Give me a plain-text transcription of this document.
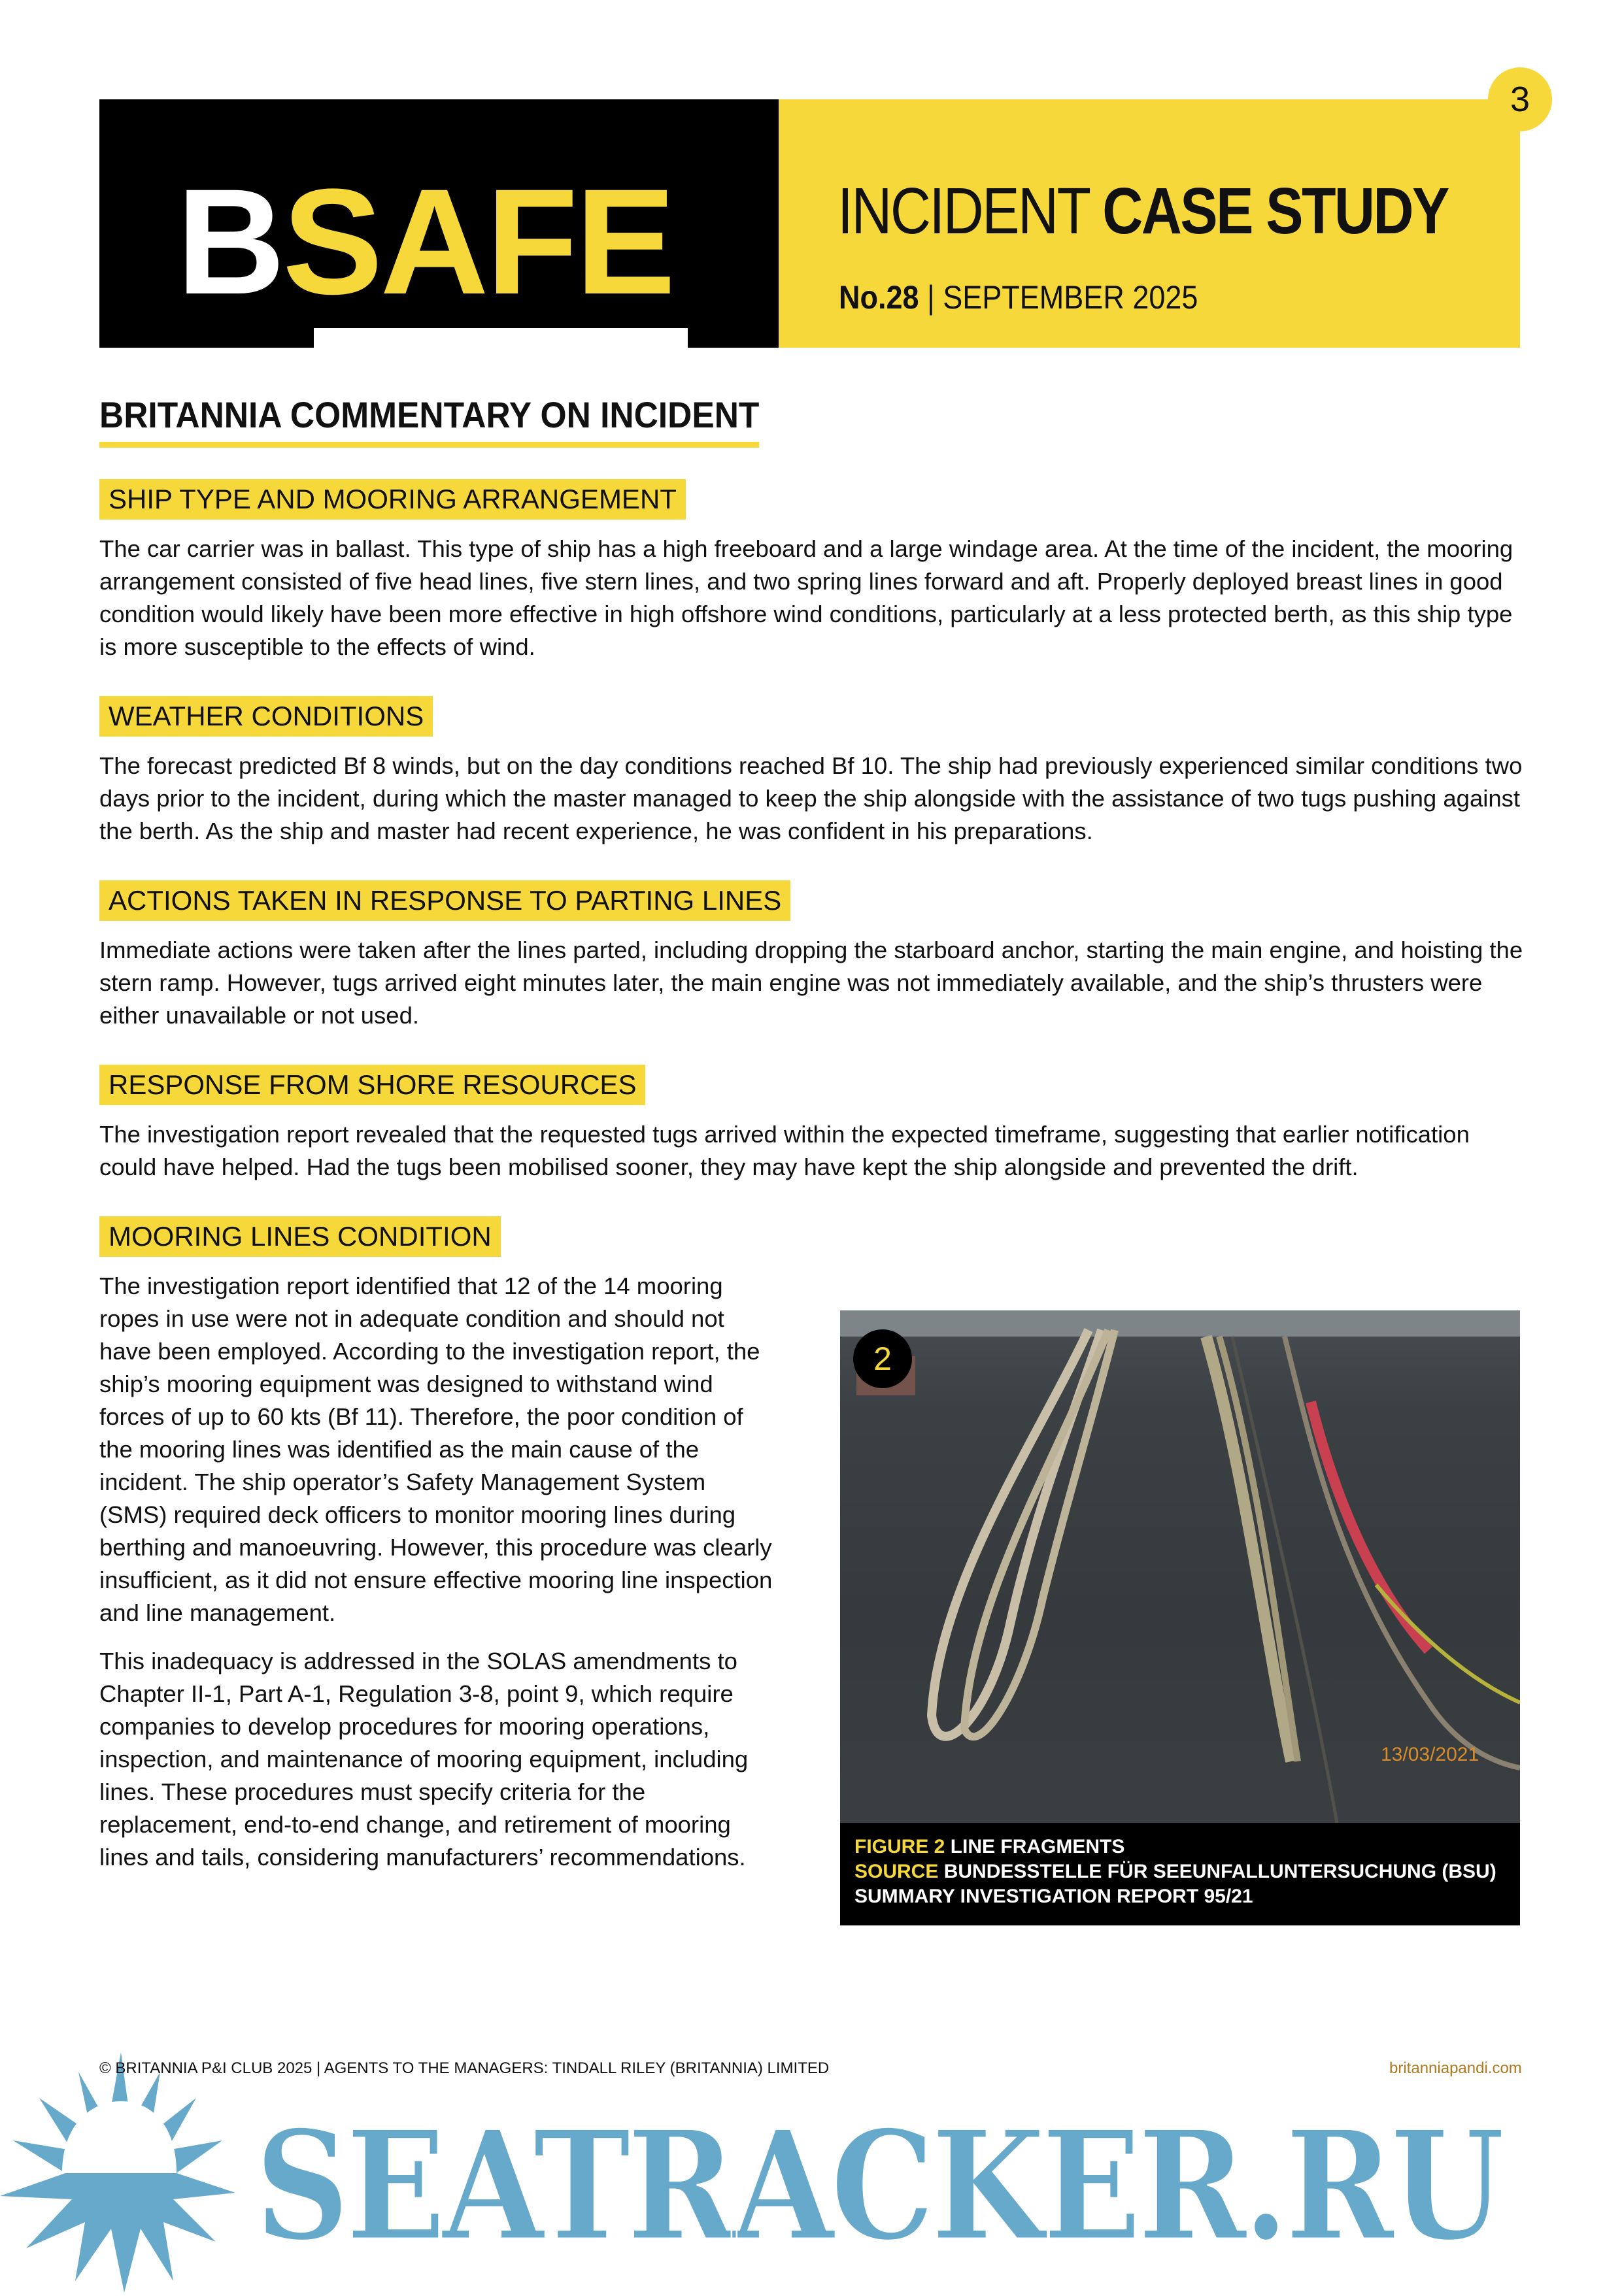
3
BSAFE	INCIDENT CASE STUDY
No.28 | SEPTEMBER 2025
BRITANNIA COMMENTARY ON INCIDENT
SHIP TYPE AND MOORING ARRANGEMENT
The car carrier was in ballast. This type of ship has a high freeboard and a large windage area. At the time of the incident, the mooring arrangement consisted of five head lines, five stern lines, and two spring lines forward and aft. Properly deployed breast lines in good condition would likely have been more effective in high offshore wind conditions, particularly at a less protected berth, as this ship type is more susceptible to the effects of wind.
WEATHER CONDITIONS
The forecast predicted Bf 8 winds, but on the day conditions reached Bf 10. The ship had previously experienced similar conditions two days prior to the incident, during which the master managed to keep the ship alongside with the assistance of two tugs pushing against the berth. As the ship and master had recent experience, he was confident in his preparations.
ACTIONS TAKEN IN RESPONSE TO PARTING LINES
Immediate actions were taken after the lines parted, including dropping the starboard anchor, starting the main engine, and hoisting the stern ramp. However, tugs arrived eight minutes later, the main engine was not immediately available, and the ship’s thrusters were either unavailable or not used.
RESPONSE FROM SHORE RESOURCES
The investigation report revealed that the requested tugs arrived within the expected timeframe, suggesting that earlier notification could have helped. Had the tugs been mobilised sooner, they may have kept the ship alongside and prevented the drift.
MOORING LINES CONDITION
The investigation report identified that 12 of the 14 mooring ropes in use were not in adequate condition and should not have been employed. According to the investigation report, the ship’s mooring equipment was designed to withstand wind forces of up to 60 kts (Bf 11). Therefore, the poor condition of the mooring lines was identified as the main cause of the incident. The ship operator’s Safety Management System (SMS) required deck officers to monitor mooring lines during berthing and manoeuvring. However, this procedure was clearly insufficient, as it did not ensure effective mooring line inspection and line management.
This inadequacy is addressed in the SOLAS amendments to Chapter II-1, Part A-1, Regulation 3-8, point 9, which require companies to develop procedures for mooring operations, inspection, and maintenance of mooring equipment, including lines. These procedures must specify criteria for the replacement, end-to-end change, and retirement of mooring lines and tails, considering manufacturers’ recommendations.
2
13/03/2021
FIGURE 2 LINE FRAGMENTS
SOURCE BUNDESSTELLE FÜR SEEUNFALLUNTERSUCHUNG (BSU)
SUMMARY INVESTIGATION REPORT 95/21
SEATRACKER.RU
© BRITANNIA P&I CLUB 2025 | AGENTS TO THE MANAGERS: TINDALL RILEY (BRITANNIA) LIMITED	britanniapandi.com
